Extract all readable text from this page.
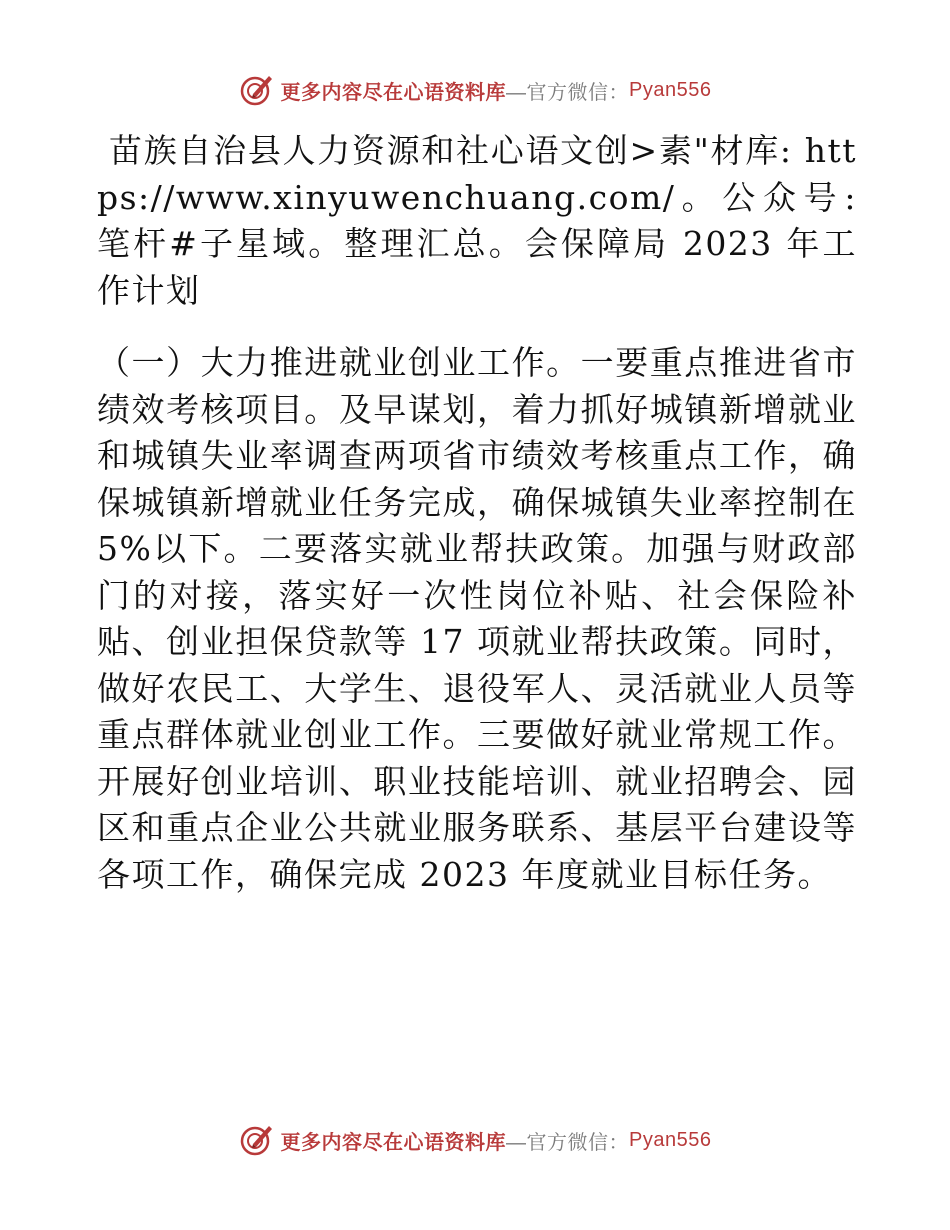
更多内容尽在心语资料库 —官方微信： Pyan556

苗族自治县人力资源和社心语文创>素"材库: https://www.xinyuwenchuang.com/。公众号: 笔杆#子星域。整理汇总。会保障局 2023 年工作计划

（一）大力推进就业创业工作。一要重点推进省市绩效考核项目。及早谋划，着力抓好城镇新增就业和城镇失业率调查两项省市绩效考核重点工作，确保城镇新增就业任务完成，确保城镇失业率控制在 5%以下。二要落实就业帮扶政策。加强与财政部门的对接，落实好一次性岗位补贴、社会保险补贴、创业担保贷款等 17 项就业帮扶政策。同时，做好农民工、大学生、退役军人、灵活就业人员等重点群体就业创业工作。三要做好就业常规工作。开展好创业培训、职业技能培训、就业招聘会、园区和重点企业公共就业服务联系、基层平台建设等各项工作，确保完成 2023 年度就业目标任务。

更多内容尽在心语资料库 —官方微信： Pyan556
